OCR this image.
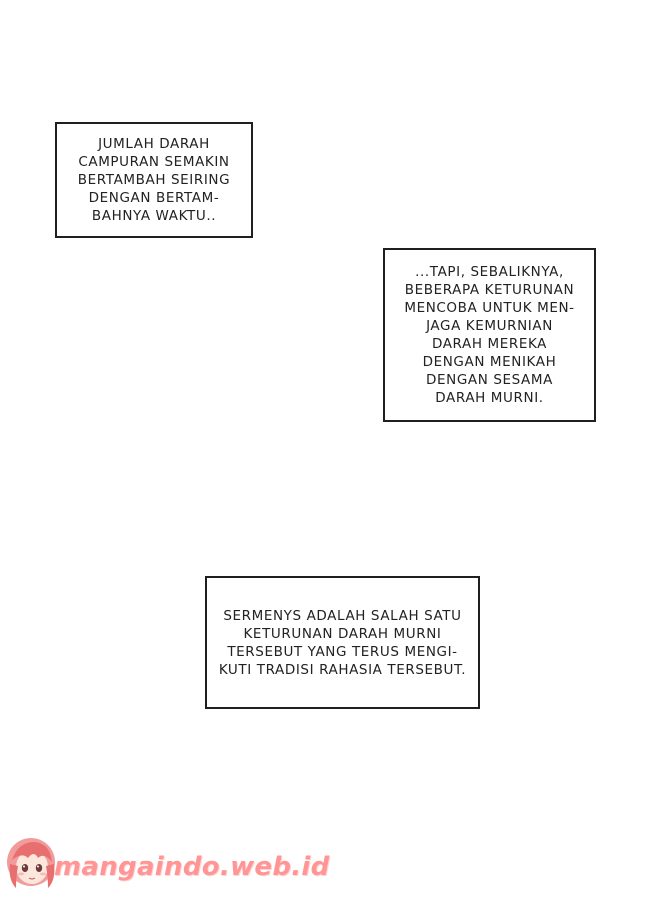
JUMLAH DARAH
CAMPURAN SEMAKIN
BERTAMBAH SEIRING
DENGAN BERTAM-
BAHNYA WAKTU..
...TAPI, SEBALIKNYA,
BEBERAPA KETURUNAN
MENCOBA UNTUK MEN-
JAGA KEMURNIAN
DARAH MEREKA
DENGAN MENIKAH
DENGAN SESAMA
DARAH MURNI.
SERMENYS ADALAH SALAH SATU
KETURUNAN DARAH MURNI
TERSEBUT YANG TERUS MENGI-
KUTI TRADISI RAHASIA TERSEBUT.
mangaindo.web.id
